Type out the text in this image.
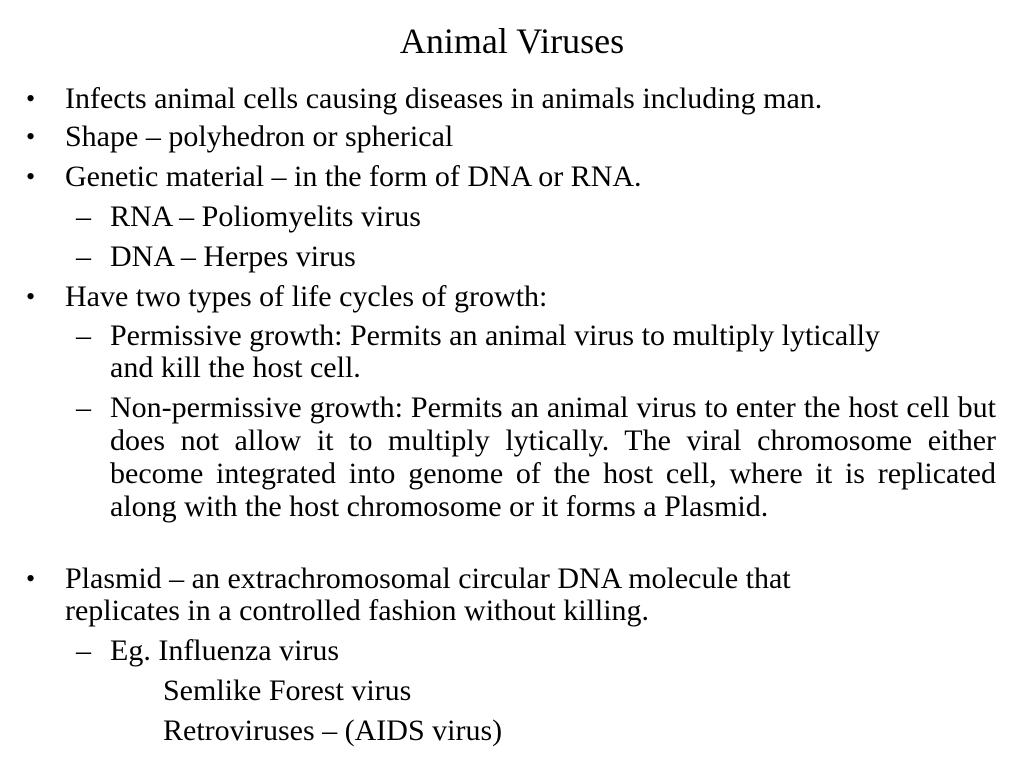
Animal Viruses
• Infects animal cells causing diseases in animals including man.
• Shape – polyhedron or spherical
• Genetic material – in the form of DNA or RNA.
– RNA – Poliomyelits virus
– DNA – Herpes virus
• Have two types of life cycles of growth:
– Permissive growth: Permits an animal virus to multiply lytically
and kill the host cell.
– Non-permissive growth: Permits an animal virus to enter the host cell but does not allow it to multiply lytically. The viral chromosome either become integrated into genome of the host cell, where it is replicated along with the host chromosome or it forms a Plasmid.
• Plasmid – an extrachromosomal circular DNA molecule that
replicates in a controlled fashion without killing.
– Eg. Influenza virus
Semlike Forest virus
Retroviruses – (AIDS virus)
